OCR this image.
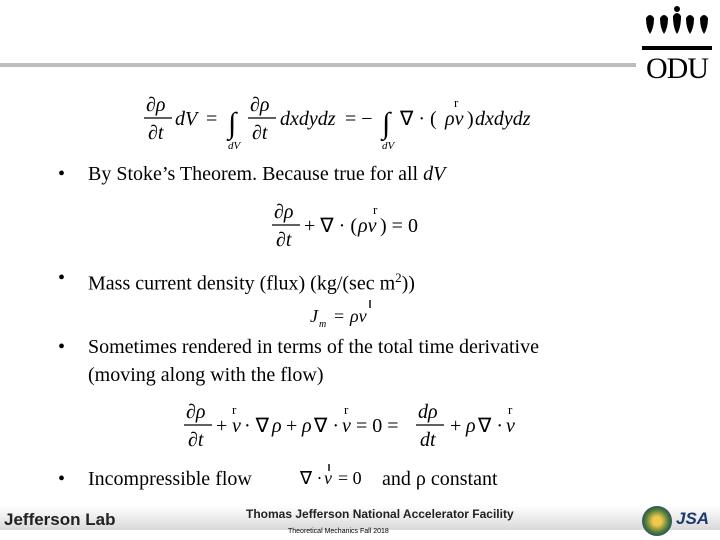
ODU
∂ρ
∂t
dV = ∫
dV
∂ρ
∂t
dxdydz = − ∫
dV
∇ · ( ρv
r
) dxdydz
• By Stoke’s Theorem. Because true for all dV
∂ρ
∂t
+ ∇ · ( ρv
r
) = 0
• Mass current density (flux) (kg/(sec $m^2$))
J m = ρv
• Sometimes rendered in terms of the total time derivative
(moving along with the flow)
∂ρ
∂t
+ v
r
· ∇ ρ + ρ ∇ · v
r
= 0 =
dρ
dt
+ ρ ∇ · v
r
• Incompressible flow	∇ · v = 0 and ρ constant
Jefferson Lab	Thomas Jefferson National Accelerator Facility
Theoretical Mechanics Fall 2018
JSA
